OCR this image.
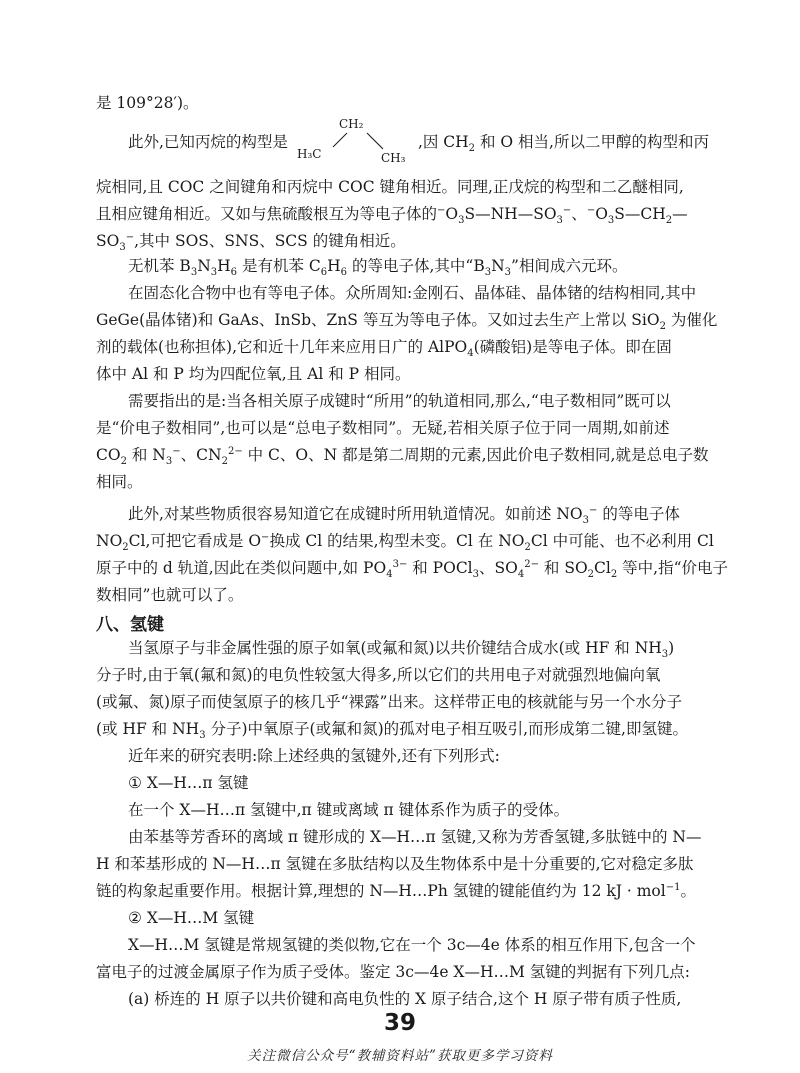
是 109°28′)。
此外,已知丙烷的构型是	,因 $CH_2$ 和 O 相当,所以二甲醇的构型和丙
烷相同,且 COC 之间键角和丙烷中 COC 键角相近。同理,正戊烷的构型和二乙醚相同,
且相应键角相近。又如与焦硫酸根互为等电子体的$^-O_3S—NH—SO_3^-$、$^-O_3S—CH_2—$
$SO_3^-$,其中 SOS、SNS、SCS 的键角相近。
无机苯 $B_3N_3H_6$ 是有机苯 $C_6H_6$ 的等电子体,其中“$B_3N_3$”相间成六元环。
在固态化合物中也有等电子体。众所周知:金刚石、晶体硅、晶体锗的结构相同,其中
GeGe(晶体锗)和 GaAs、InSb、ZnS 等互为等电子体。又如过去生产上常以 SiO$_2$ 为催化
剂的载体(也称担体),它和近十几年来应用日广的 AlPO$_4$(磷酸铝)是等电子体。即在固
体中 Al 和 P 均为四配位氧,且 Al 和 P 相同。
需要指出的是:当各相关原子成键时“所用”的轨道相同,那么,“电子数相同”既可以
是“价电子数相同”,也可以是“总电子数相同”。无疑,若相关原子位于同一周期,如前述
$CO_2$ 和 $N_3^-$、$CN_2^{2-}$ 中 C、O、N 都是第二周期的元素,因此价电子数相同,就是总电子数
相同。
此外,对某些物质很容易知道它在成键时所用轨道情况。如前述 $NO_3^-$ 的等电子体
$NO_2Cl$,可把它看成是 O−换成 Cl 的结果,构型未变。Cl 在 $NO_2Cl$ 中可能、也不必利用 Cl
原子中的 d 轨道,因此在类似问题中,如 $PO_4^{3-}$ 和 POCl$_3$、$SO_4^{2-}$ 和 $SO_2Cl_2$ 等中,指“价电子
数相同”也就可以了。
当氢原子与非金属性强的原子如氧(或氟和氮)以共价键结合成水(或 HF 和 $NH_3$)
分子时,由于氧(氟和氮)的电负性较氢大得多,所以它们的共用电子对就强烈地偏向氧
(或氟、氮)原子而使氢原子的核几乎“裸露”出来。这样带正电的核就能与另一个水分子
(或 HF 和 $NH_3$ 分子)中氧原子(或氟和氮)的孤对电子相互吸引,而形成第二键,即氢键。
近年来的研究表明:除上述经典的氢键外,还有下列形式:
① X—H…π 氢键
在一个 X—H…π 氢键中,π 键或离域 π 键体系作为质子的受体。
由苯基等芳香环的离域 π 键形成的 X—H…π 氢键,又称为芳香氢键,多肽链中的 N—
H 和苯基形成的 N—H…π 氢键在多肽结构以及生物体系中是十分重要的,它对稳定多肽
链的构象起重要作用。根据计算,理想的 N—H…Ph 氢键的键能值约为 12 kJ · mol$^{-1}$。
② X—H…M 氢键
X—H…M 氢键是常规氢键的类似物,它在一个 3c—4e 体系的相互作用下,包含一个
富电子的过渡金属原子作为质子受体。鉴定 3c—4e X—H…M 氢键的判据有下列几点:
(a) 桥连的 H 原子以共价键和高电负性的 X 原子结合,这个 H 原子带有质子性质,
CH₂
H₃C	CH₃
八、氢键
39
关注微信公众号“教辅资料站”获取更多学习资料
